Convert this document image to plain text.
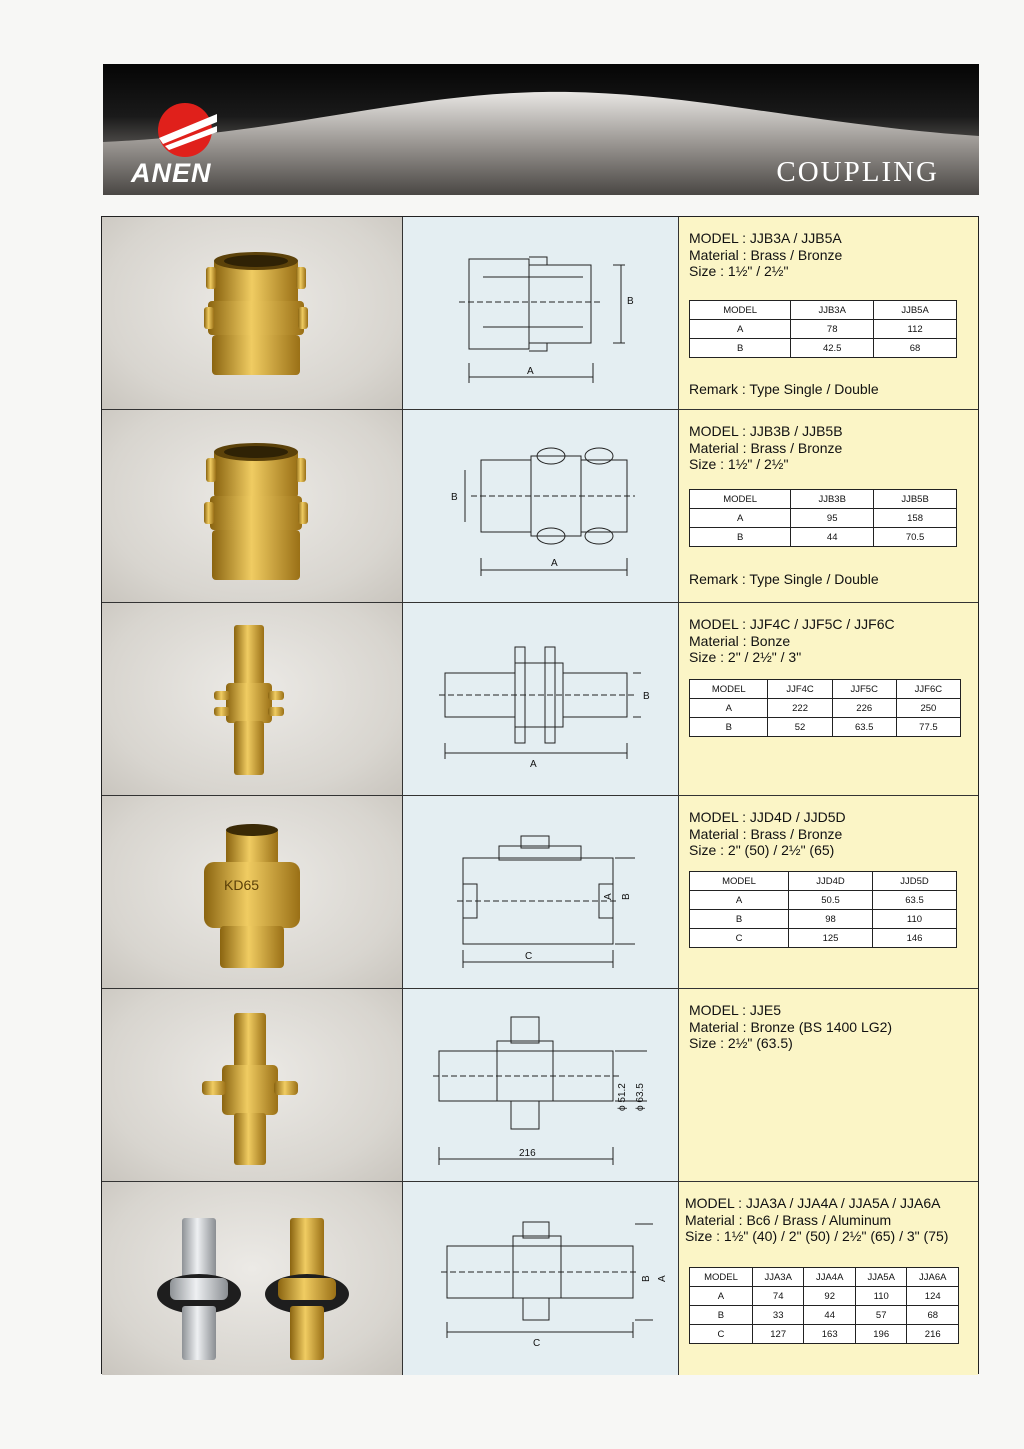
ANEN	COUPLING
A
B
MODEL : JJB3A / JJB5A
Material : Brass / Bronze
Size : 1½" / 2½"
MODEL	JJB3A	JJB5A
A	78	112
B	42.5	68
Remark : Type Single / Double
A
B
MODEL : JJB3B / JJB5B
Material : Brass / Bronze
Size : 1½" / 2½"
MODEL	JJB3B	JJB5B
A	95	158
B	44	70.5
Remark : Type Single / Double
A
B
MODEL : JJF4C / JJF5C / JJF6C
Material : Bonze
Size : 2" / 2½" / 3"
MODEL	JJF4C	JJF5C	JJF6C
A	222	226	250
B	52	63.5	77.5
KD65
C
A B
MODEL : JJD4D / JJD5D
Material : Brass / Bronze
Size : 2" (50) / 2½" (65)
MODEL	JJD4D	JJD5D
A	50.5	63.5
B	98	110
C	125	146
216
ϕ 51.2 ϕ 63.5
MODEL : JJE5
Material : Bronze (BS 1400 LG2)
Size : 2½" (63.5)
C
A
B
MODEL : JJA3A / JJA4A / JJA5A / JJA6A
Material : Bc6 / Brass / Aluminum
Size : 1½" (40) / 2" (50) / 2½" (65) / 3" (75)
MODEL	JJA3A	JJA4A	JJA5A	JJA6A
A	74	92	110	124
B	33	44	57	68
C	127	163	196	216
